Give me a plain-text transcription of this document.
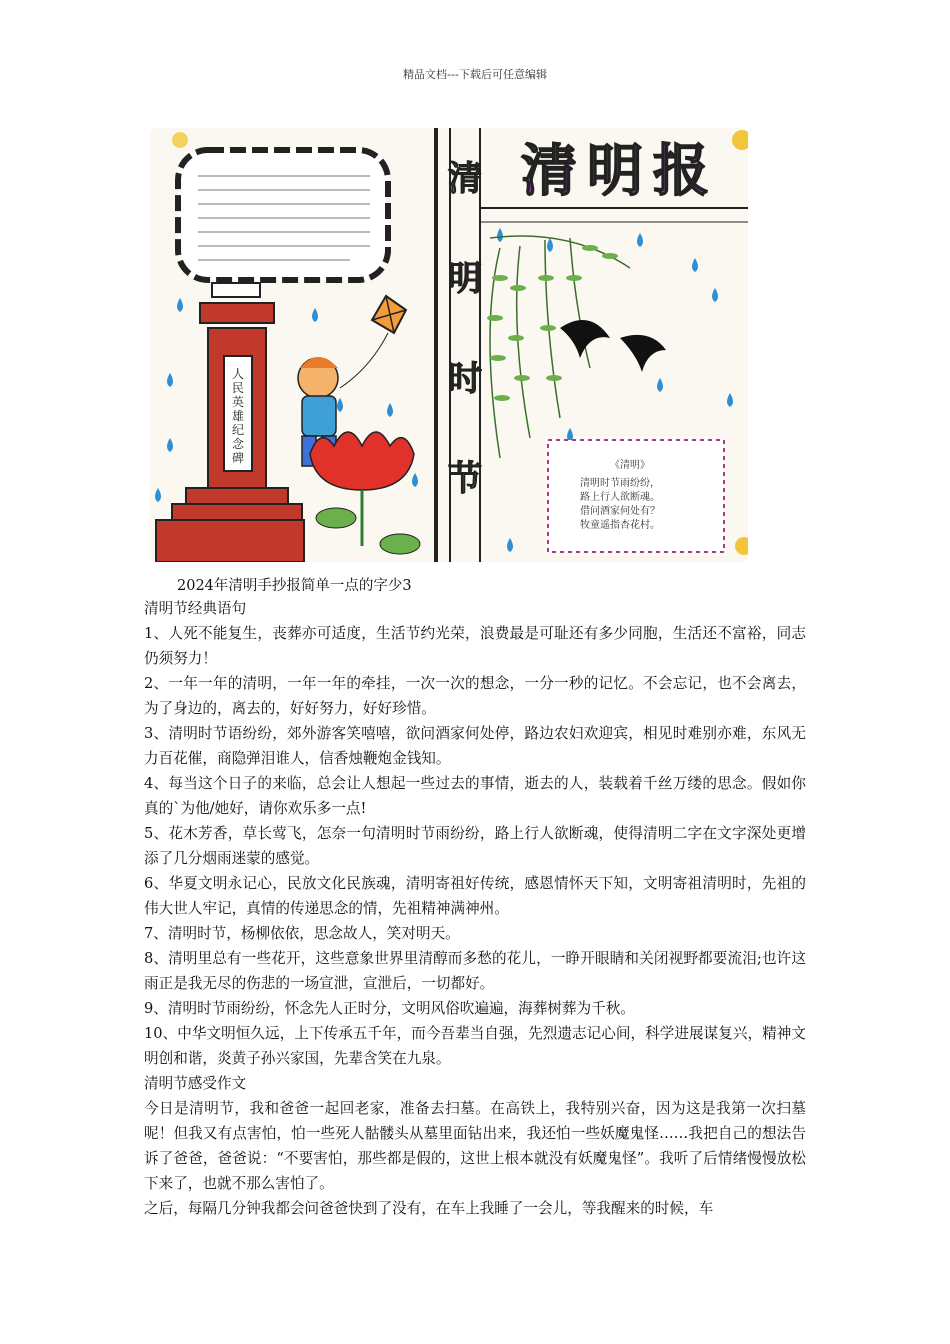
精品文档---下载后可任意编辑
人
民
英
雄
纪
念
碑
清
明
时
节
清明报
《清明》
清明时节雨纷纷，
路上行人欲断魂。
借问酒家何处有？
牧童遥指杏花村。
2024年清明手抄报简单一点的字少3

清明节经典语句

1、人死不能复生，丧葬亦可适度，生活节约光荣，浪费最是可耻还有多少同胞，生活还不富裕，同志仍须努力！

2、一年一年的清明，一年一年的牵挂，一次一次的想念，一分一秒的记忆。不会忘记，也不会离去，为了身边的，离去的，好好努力，好好珍惜。

3、清明时节语纷纷，郊外游客笑嘻嘻，欲问酒家何处停，路边农妇欢迎宾，相见时难别亦难，东风无力百花催，商隐弹泪谁人，信香烛鞭炮金钱知。

4、每当这个日子的来临，总会让人想起一些过去的事情，逝去的人，装载着千丝万缕的思念。假如你真的`为他/她好，请你欢乐多一点!

5、花木芳香，草长莺飞，怎奈一句清明时节雨纷纷，路上行人欲断魂，使得清明二字在文字深处更增添了几分烟雨迷蒙的感觉。

6、华夏文明永记心，民放文化民族魂，清明寄祖好传统，感恩情怀天下知，文明寄祖清明时，先祖的伟大世人牢记，真情的传递思念的情，先祖精神满神州。

7、清明时节，杨柳依依，思念故人，笑对明天。

8、清明里总有一些花开，这些意象世界里清醇而多愁的花儿，一睁开眼睛和关闭视野都要流泪;也许这雨正是我无尽的伤悲的一场宣泄，宣泄后，一切都好。

9、清明时节雨纷纷，怀念先人正时分，文明风俗吹遍遍，海葬树葬为千秋。

10、中华文明恒久远，上下传承五千年，而今吾辈当自强，先烈遗志记心间，科学进展谋复兴，精神文明创和谐，炎黄子孙兴家国，先辈含笑在九泉。

清明节感受作文

今日是清明节，我和爸爸一起回老家，准备去扫墓。在高铁上，我特别兴奋，因为这是我第一次扫墓呢！但我又有点害怕，怕一些死人骷髅头从墓里面钻出来，我还怕一些妖魔鬼怪……我把自己的想法告诉了爸爸，爸爸说：“不要害怕，那些都是假的，这世上根本就没有妖魔鬼怪”。我听了后情绪慢慢放松下来了，也就不那么害怕了。

之后，每隔几分钟我都会问爸爸快到了没有，在车上我睡了一会儿，等我醒来的时候，车
